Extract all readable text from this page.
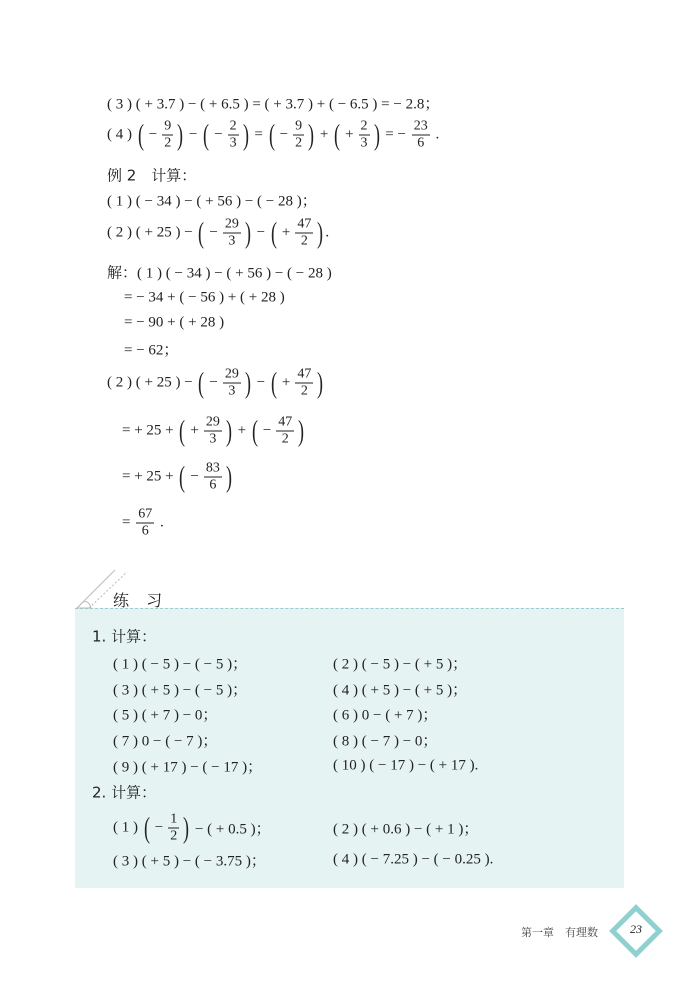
练 习
( 3 ) ( + 3.7 ) − ( + 6.5 ) = ( + 3.7 ) + ( − 6.5 ) = − 2.8；
( 4 ) ( − $\frac{9}{2}$ ) − ( − $\frac{2}{3}$ ) = ( − $\frac{9}{2}$ ) + ( + $\frac{2}{3}$ ) = − $\frac{23}{6}$ .
例 2　计算：
( 1 ) ( − 34 ) − ( + 56 ) − ( − 28 )；
( 2 ) ( + 25 ) − ( − $\frac{29}{3}$ ) − ( + $\frac{47}{2}$ ) .
解：( 1 ) ( − 34 ) − ( + 56 ) − ( − 28 )
= − 34 + ( − 56 ) + ( + 28 )
= − 90 + ( + 28 )
= − 62；
( 2 ) ( + 25 ) − ( − $\frac{29}{3}$ ) − ( + $\frac{47}{2}$ )
= + 25 + ( + $\frac{29}{3}$ ) + ( − $\frac{47}{2}$ )
= + 25 + ( − $\frac{83}{6}$ )
= $\frac{67}{6}$ .
1. 计算：
( 1 ) ( − 5 ) − ( − 5 )；	( 2 ) ( − 5 ) − ( + 5 )；
( 3 ) ( + 5 ) − ( − 5 )；	( 4 ) ( + 5 ) − ( + 5 )；
( 5 ) ( + 7 ) − 0；	( 6 ) 0 − ( + 7 )；
( 7 ) 0 − ( − 7 )；	( 8 ) ( − 7 ) − 0；
( 9 ) ( + 17 ) − ( − 17 )；	( 10 ) ( − 17 ) − ( + 17 ).
2. 计算：
( 1 ) ( − $\frac{1}{2}$ ) − ( + 0.5 )；	( 2 ) ( + 0.6 ) − ( + 1 )；
( 3 ) ( + 5 ) − ( − 3.75 )；	( 4 ) ( − 7.25 ) − ( − 0.25 ).
第一章　有理数	23
